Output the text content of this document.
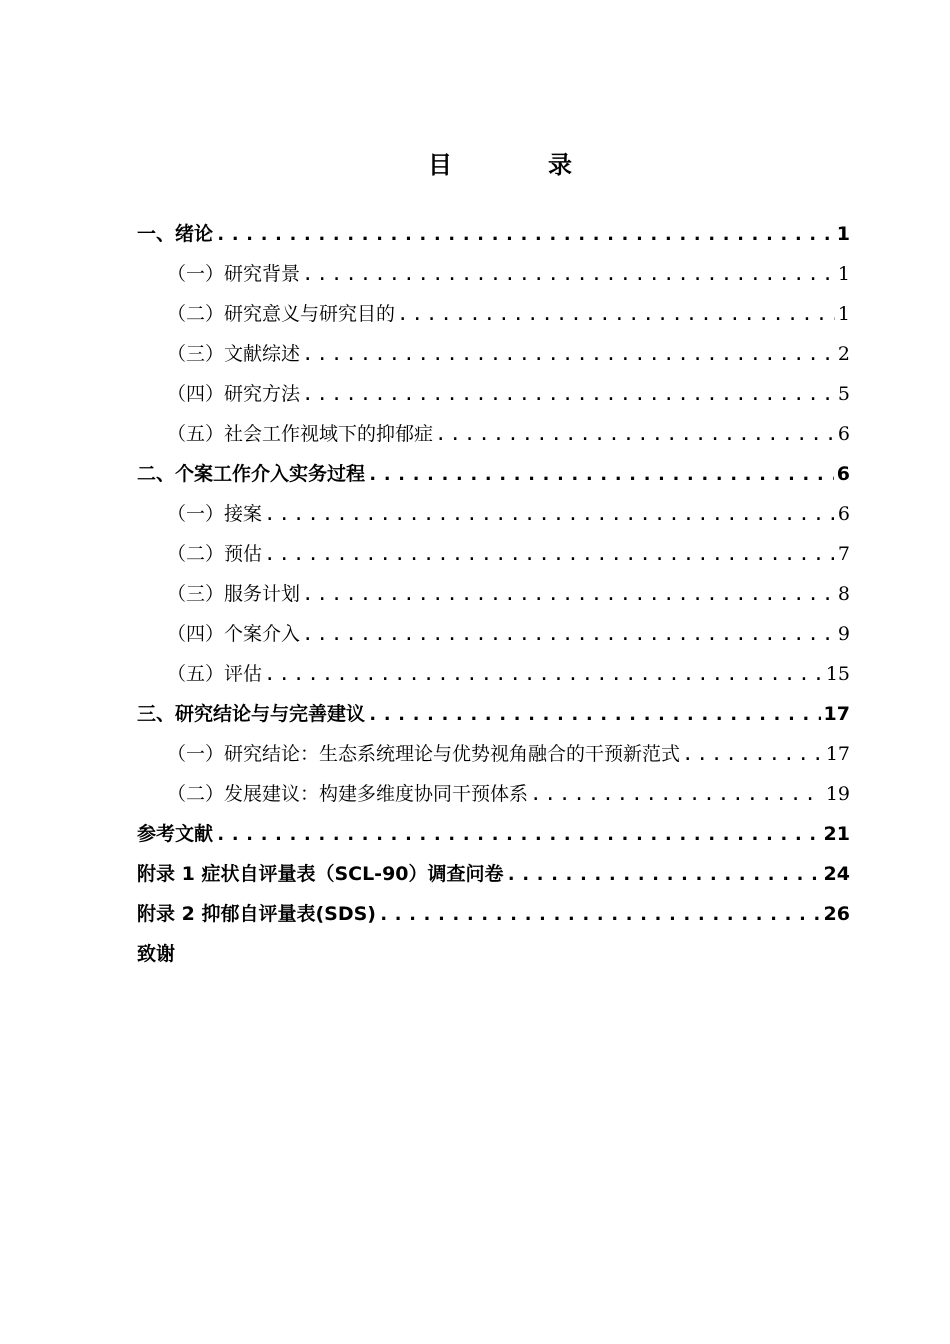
目	录
一、绪论 .....	1
（一）研究背景 .....	1
（二）研究意义与研究目的 .....	1
（三）文献综述 .....	2
（四）研究方法 .....	5
（五）社会工作视域下的抑郁症 .....	6
二、个案工作介入实务过程 .....	6
（一）接案 .....	6
（二）预估 .....	7
（三）服务计划 .....	8
（四）个案介入 .....	9
（五）评估 .....	15
三、研究结论与与完善建议 .....	17
（一）研究结论：生态系统理论与优势视角融合的干预新范式 .....	17
（二）发展建议：构建多维度协同干预体系 .....	19
参考文献 .....	21
附录 1 症状自评量表（SCL-90）调查问卷 .....	24
附录 2 抑郁自评量表(SDS) .....	26
致谢
